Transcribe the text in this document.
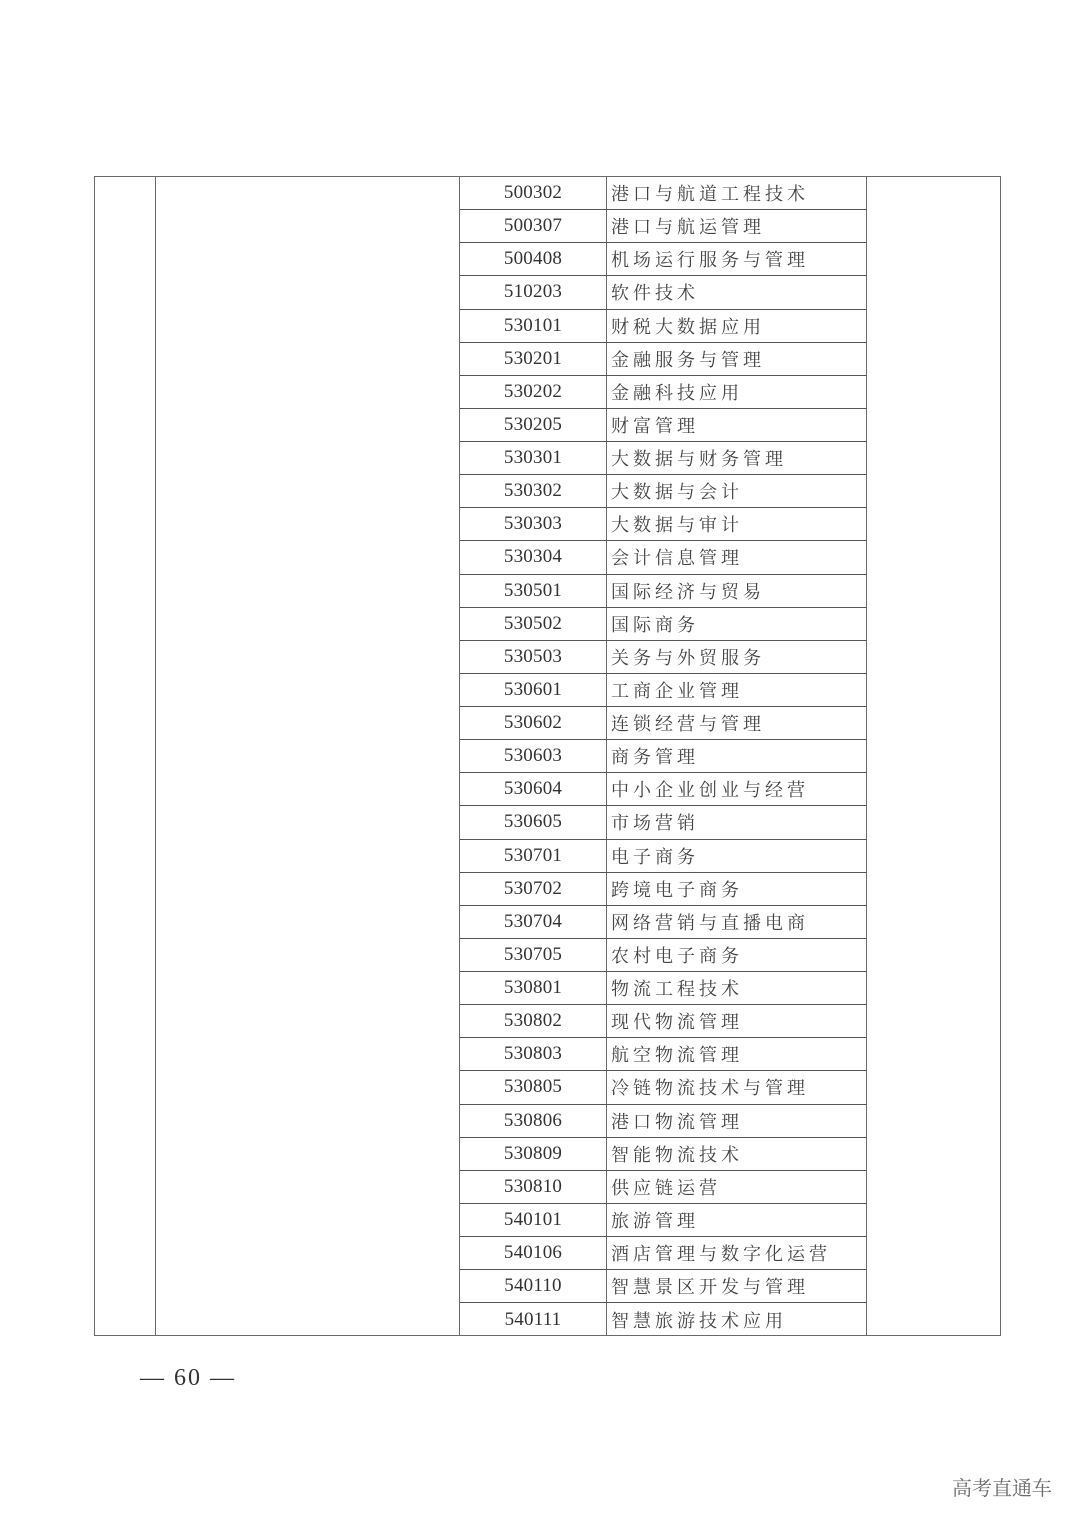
500302	港口与航道工程技术
500307	港口与航运管理
500408	机场运行服务与管理
510203	软件技术
530101	财税大数据应用
530201	金融服务与管理
530202	金融科技应用
530205	财富管理
530301	大数据与财务管理
530302	大数据与会计
530303	大数据与审计
530304	会计信息管理
530501	国际经济与贸易
530502	国际商务
530503	关务与外贸服务
530601	工商企业管理
530602	连锁经营与管理
530603	商务管理
530604	中小企业创业与经营
530605	市场营销
530701	电子商务
530702	跨境电子商务
530704	网络营销与直播电商
530705	农村电子商务
530801	物流工程技术
530802	现代物流管理
530803	航空物流管理
530805	冷链物流技术与管理
530806	港口物流管理
530809	智能物流技术
530810	供应链运营
540101	旅游管理
540106	酒店管理与数字化运营
540110	智慧景区开发与管理
540111	智慧旅游技术应用
— 60 —
高考直通车
